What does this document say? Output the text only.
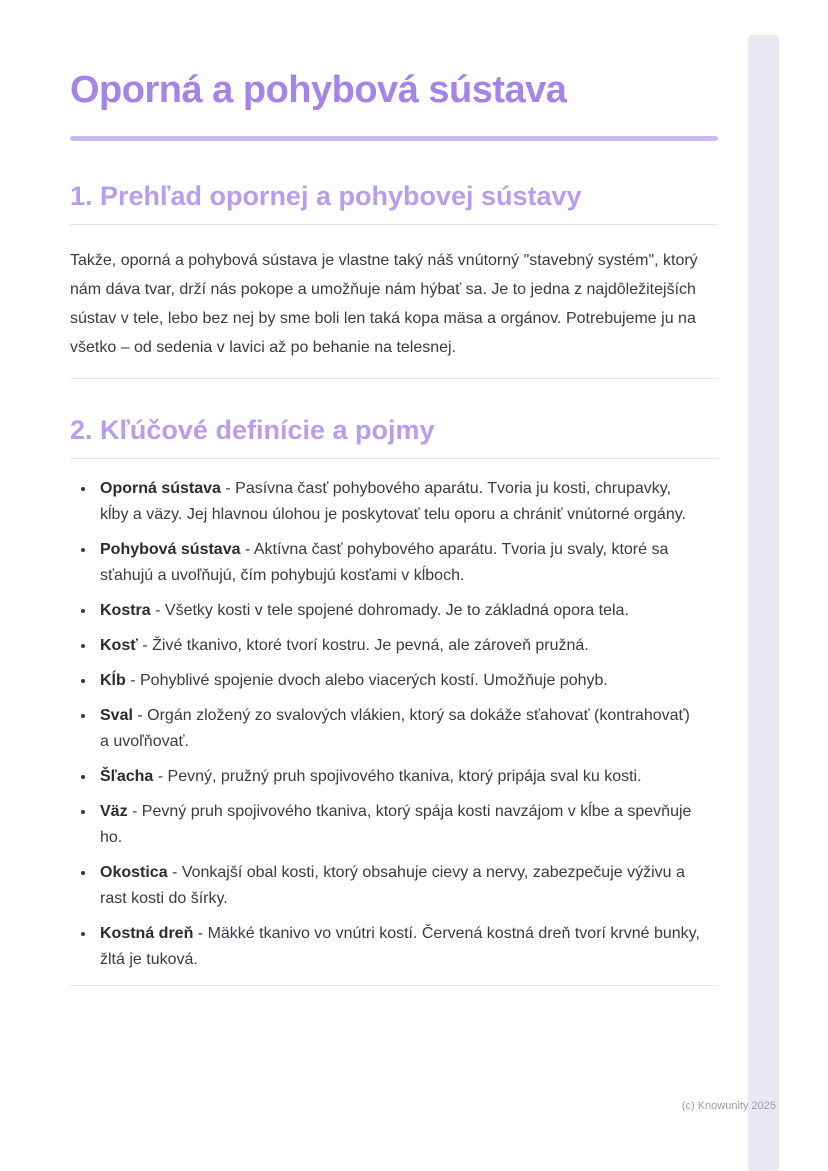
Oporná a pohybová sústava
1. Prehľad opornej a pohybovej sústavy

Takže, oporná a pohybová sústava je vlastne taký náš vnútorný "stavebný systém", ktorý nám dáva tvar, drží nás pokope a umožňuje nám hýbať sa. Je to jedna z najdôležitejších sústav v tele, lebo bez nej by sme boli len taká kopa mäsa a orgánov. Potrebujeme ju na všetko – od sedenia v lavici až po behanie na telesnej.

2. Kľúčové definície a pojmy
• Oporná sústava - Pasívna časť pohybového aparátu. Tvoria ju kosti, chrupavky, kĺby a väzy. Jej hlavnou úlohou je poskytovať telu oporu a chrániť vnútorné orgány.
• Pohybová sústava - Aktívna časť pohybového aparátu. Tvoria ju svaly, ktoré sa sťahujú a uvoľňujú, čím pohybujú kosťami v kĺboch.
• Kostra - Všetky kosti v tele spojené dohromady. Je to základná opora tela.
• Kosť - Živé tkanivo, ktoré tvorí kostru. Je pevná, ale zároveň pružná.
• Kĺb - Pohyblivé spojenie dvoch alebo viacerých kostí. Umožňuje pohyb.
• Sval - Orgán zložený zo svalových vlákien, ktorý sa dokáže sťahovať (kontrahovať) a uvoľňovať.
• Šľacha - Pevný, pružný pruh spojivového tkaniva, ktorý pripája sval ku kosti.
• Väz - Pevný pruh spojivového tkaniva, ktorý spája kosti navzájom v kĺbe a spevňuje ho.
• Okostica - Vonkajší obal kosti, ktorý obsahuje cievy a nervy, zabezpečuje výživu a rast kosti do šírky.
• Kostná dreň - Mäkké tkanivo vo vnútri kostí. Červená kostná dreň tvorí krvné bunky, žltá je tuková.
(c) Knowunity 2025
